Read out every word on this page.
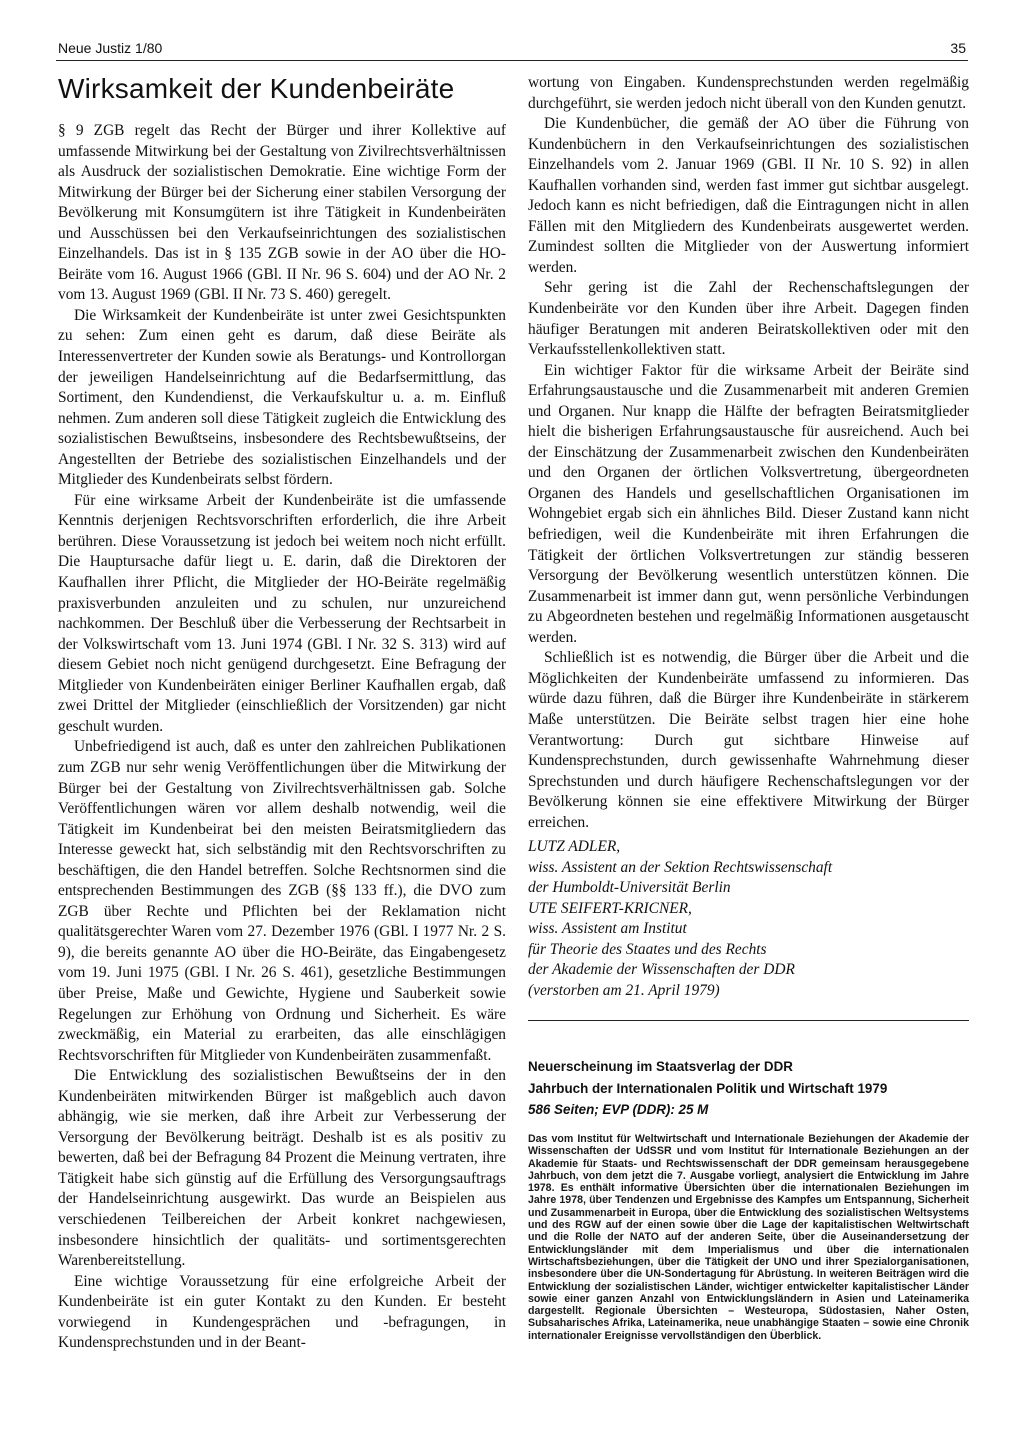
Neue Justiz 1/80	35
Wirksamkeit der Kundenbeiräte

§ 9 ZGB regelt das Recht der Bürger und ihrer Kollektive auf umfassende Mitwirkung bei der Gestaltung von Zivilrechtsverhältnissen als Ausdruck der sozialistischen Demokratie. Eine wichtige Form der Mitwirkung der Bürger bei der Sicherung einer stabilen Versorgung der Bevölkerung mit Konsumgütern ist ihre Tätigkeit in Kundenbeiräten und Ausschüssen bei den Verkaufseinrichtungen des sozialistischen Einzelhandels. Das ist in § 135 ZGB sowie in der AO über die HO-Beiräte vom 16. August 1966 (GBl. II Nr. 96 S. 604) und der AO Nr. 2 vom 13. August 1969 (GBl. II Nr. 73 S. 460) geregelt.

Die Wirksamkeit der Kundenbeiräte ist unter zwei Gesichtspunkten zu sehen: Zum einen geht es darum, daß diese Beiräte als Interessenvertreter der Kunden sowie als Beratungs- und Kontrollorgan der jeweiligen Handelseinrichtung auf die Bedarfsermittlung, das Sortiment, den Kundendienst, die Verkaufskultur u. a. m. Einfluß nehmen. Zum anderen soll diese Tätigkeit zugleich die Entwicklung des sozialistischen Bewußtseins, insbesondere des Rechtsbewußtseins, der Angestellten der Betriebe des sozialistischen Einzelhandels und der Mitglieder des Kundenbeirats selbst fördern.

Für eine wirksame Arbeit der Kundenbeiräte ist die umfassende Kenntnis derjenigen Rechtsvorschriften erforderlich, die ihre Arbeit berühren. Diese Voraussetzung ist jedoch bei weitem noch nicht erfüllt. Die Hauptursache dafür liegt u. E. darin, daß die Direktoren der Kaufhallen ihrer Pflicht, die Mitglieder der HO-Beiräte regelmäßig praxisverbunden anzuleiten und zu schulen, nur unzureichend nachkommen. Der Beschluß über die Verbesserung der Rechtsarbeit in der Volkswirtschaft vom 13. Juni 1974 (GBl. I Nr. 32 S. 313) wird auf diesem Gebiet noch nicht genügend durchgesetzt. Eine Befragung der Mitglieder von Kundenbeiräten einiger Berliner Kaufhallen ergab, daß zwei Drittel der Mitglieder (einschließlich der Vorsitzenden) gar nicht geschult wurden.

Unbefriedigend ist auch, daß es unter den zahlreichen Publikationen zum ZGB nur sehr wenig Veröffentlichungen über die Mitwirkung der Bürger bei der Gestaltung von Zivilrechtsverhältnissen gab. Solche Veröffentlichungen wären vor allem deshalb notwendig, weil die Tätigkeit im Kundenbeirat bei den meisten Beiratsmitgliedern das Interesse geweckt hat, sich selbständig mit den Rechtsvorschriften zu beschäftigen, die den Handel betreffen. Solche Rechtsnormen sind die entsprechenden Bestimmungen des ZGB (§§ 133 ff.), die DVO zum ZGB über Rechte und Pflichten bei der Reklamation nicht qualitätsgerechter Waren vom 27. Dezember 1976 (GBl. I 1977 Nr. 2 S. 9), die bereits genannte AO über die HO-Beiräte, das Eingabengesetz vom 19. Juni 1975 (GBl. I Nr. 26 S. 461), gesetzliche Bestimmungen über Preise, Maße und Gewichte, Hygiene und Sauberkeit sowie Regelungen zur Erhöhung von Ordnung und Sicherheit. Es wäre zweckmäßig, ein Material zu erarbeiten, das alle einschlägigen Rechtsvorschriften für Mitglieder von Kundenbeiräten zusammenfaßt.

Die Entwicklung des sozialistischen Bewußtseins der in den Kundenbeiräten mitwirkenden Bürger ist maßgeblich auch davon abhängig, wie sie merken, daß ihre Arbeit zur Verbesserung der Versorgung der Bevölkerung beiträgt. Deshalb ist es als positiv zu bewerten, daß bei der Befragung 84 Prozent die Meinung vertraten, ihre Tätigkeit habe sich günstig auf die Erfüllung des Versorgungsauftrags der Handelseinrichtung ausgewirkt. Das wurde an Beispielen aus verschiedenen Teilbereichen der Arbeit konkret nachgewiesen, insbesondere hinsichtlich der qualitäts- und sortimentsgerechten Warenbereitstellung.

Eine wichtige Voraussetzung für eine erfolgreiche Arbeit der Kundenbeiräte ist ein guter Kontakt zu den Kunden. Er besteht vorwiegend in Kundengesprächen und -befragungen, in Kundensprechstunden und in der Beant-

wortung von Eingaben. Kundensprechstunden werden regelmäßig durchgeführt, sie werden jedoch nicht überall von den Kunden genutzt.

Die Kundenbücher, die gemäß der AO über die Führung von Kundenbüchern in den Verkaufseinrichtungen des sozialistischen Einzelhandels vom 2. Januar 1969 (GBl. II Nr. 10 S. 92) in allen Kaufhallen vorhanden sind, werden fast immer gut sichtbar ausgelegt. Jedoch kann es nicht befriedigen, daß die Eintragungen nicht in allen Fällen mit den Mitgliedern des Kundenbeirats ausgewertet werden. Zumindest sollten die Mitglieder von der Auswertung informiert werden.

Sehr gering ist die Zahl der Rechenschaftslegungen der Kundenbeiräte vor den Kunden über ihre Arbeit. Dagegen finden häufiger Beratungen mit anderen Beiratskollektiven oder mit den Verkaufsstellenkollektiven statt.

Ein wichtiger Faktor für die wirksame Arbeit der Beiräte sind Erfahrungsaustausche und die Zusammenarbeit mit anderen Gremien und Organen. Nur knapp die Hälfte der befragten Beiratsmitglieder hielt die bisherigen Erfahrungsaustausche für ausreichend. Auch bei der Einschätzung der Zusammenarbeit zwischen den Kundenbeiräten und den Organen der örtlichen Volksvertretung, übergeordneten Organen des Handels und gesellschaftlichen Organisationen im Wohngebiet ergab sich ein ähnliches Bild. Dieser Zustand kann nicht befriedigen, weil die Kundenbeiräte mit ihren Erfahrungen die Tätigkeit der örtlichen Volksvertretungen zur ständig besseren Versorgung der Bevölkerung wesentlich unterstützen können. Die Zusammenarbeit ist immer dann gut, wenn persönliche Verbindungen zu Abgeordneten bestehen und regelmäßig Informationen ausgetauscht werden.

Schließlich ist es notwendig, die Bürger über die Arbeit und die Möglichkeiten der Kundenbeiräte umfassend zu informieren. Das würde dazu führen, daß die Bürger ihre Kundenbeiräte in stärkerem Maße unterstützen. Die Beiräte selbst tragen hier eine hohe Verantwortung: Durch gut sichtbare Hinweise auf Kundensprechstunden, durch gewissenhafte Wahrnehmung dieser Sprechstunden und durch häufigere Rechenschaftslegungen vor der Bevölkerung können sie eine effektivere Mitwirkung der Bürger erreichen.

LUTZ ADLER,
wiss. Assistent an der Sektion Rechtswissenschaft
der Humboldt-Universität Berlin
UTE SEIFERT-KRICNER,
wiss. Assistent am Institut
für Theorie des Staates und des Rechts
der Akademie der Wissenschaften der DDR
(verstorben am 21. April 1979)
Neuerscheinung im Staatsverlag der DDR
Jahrbuch der Internationalen Politik und Wirtschaft 1979
586 Seiten; EVP (DDR): 25 M
Das vom Institut für Weltwirtschaft und Internationale Beziehungen der Akademie der Wissenschaften der UdSSR und vom Institut für Internationale Beziehungen an der Akademie für Staats- und Rechtswissenschaft der DDR gemeinsam herausgegebene Jahrbuch, von dem jetzt die 7. Ausgabe vorliegt, analysiert die Entwicklung im Jahre 1978. Es enthält informative Übersichten über die internationalen Beziehungen im Jahre 1978, über Tendenzen und Ergebnisse des Kampfes um Entspannung, Sicherheit und Zusammenarbeit in Europa, über die Entwicklung des sozialistischen Weltsystems und des RGW auf der einen sowie über die Lage der kapitalistischen Weltwirtschaft und die Rolle der NATO auf der anderen Seite, über die Auseinandersetzung der Entwicklungsländer mit dem Imperialismus und über die internationalen Wirtschaftsbeziehungen, über die Tätigkeit der UNO und ihrer Spezialorganisationen, insbesondere über die UN-Sondertagung für Abrüstung. In weiteren Beiträgen wird die Entwicklung der sozialistischen Länder, wichtiger entwickelter kapitalistischer Länder sowie einer ganzen Anzahl von Entwicklungsländern in Asien und Lateinamerika dargestellt. Regionale Übersichten – Westeuropa, Südostasien, Naher Osten, Subsaharisches Afrika, Lateinamerika, neue unabhängige Staaten – sowie eine Chronik internationaler Ereignisse vervollständigen den Überblick.
